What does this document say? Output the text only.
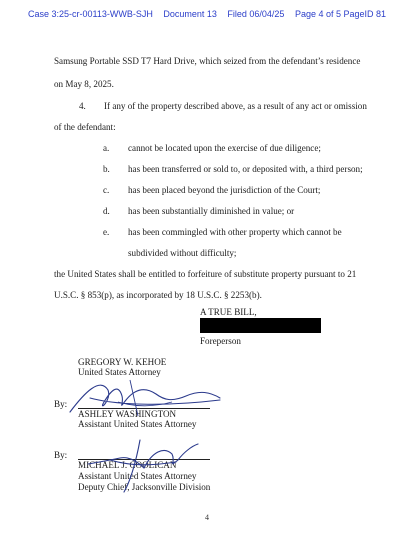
Case 3:25-cr-00113-WWB-SJH Document 13 Filed 06/04/25 Page 4 of 5 PageID 81
Samsung Portable SSD T7 Hard Drive, which seized from the defendant’s residence
on May 8, 2025.
4. If any of the property described above, as a result of any act or omission
of the defendant:
a. cannot be located upon the exercise of due diligence;
b. has been transferred or sold to, or deposited with, a third person;
c. has been placed beyond the jurisdiction of the Court;
d. has been substantially diminished in value; or
e. has been commingled with other property which cannot be
subdivided without difficulty;
the United States shall be entitled to forfeiture of substitute property pursuant to 21
U.S.C. § 853(p), as incorporated by 18 U.S.C. § 2253(b).
A TRUE BILL,
Foreperson
GREGORY W. KEHOE
United States Attorney
By:
ASHLEY WASHINGTON
Assistant United States Attorney
By:
MICHAEL J. COOLICAN
Assistant United States Attorney
Deputy Chief, Jacksonville Division
4
